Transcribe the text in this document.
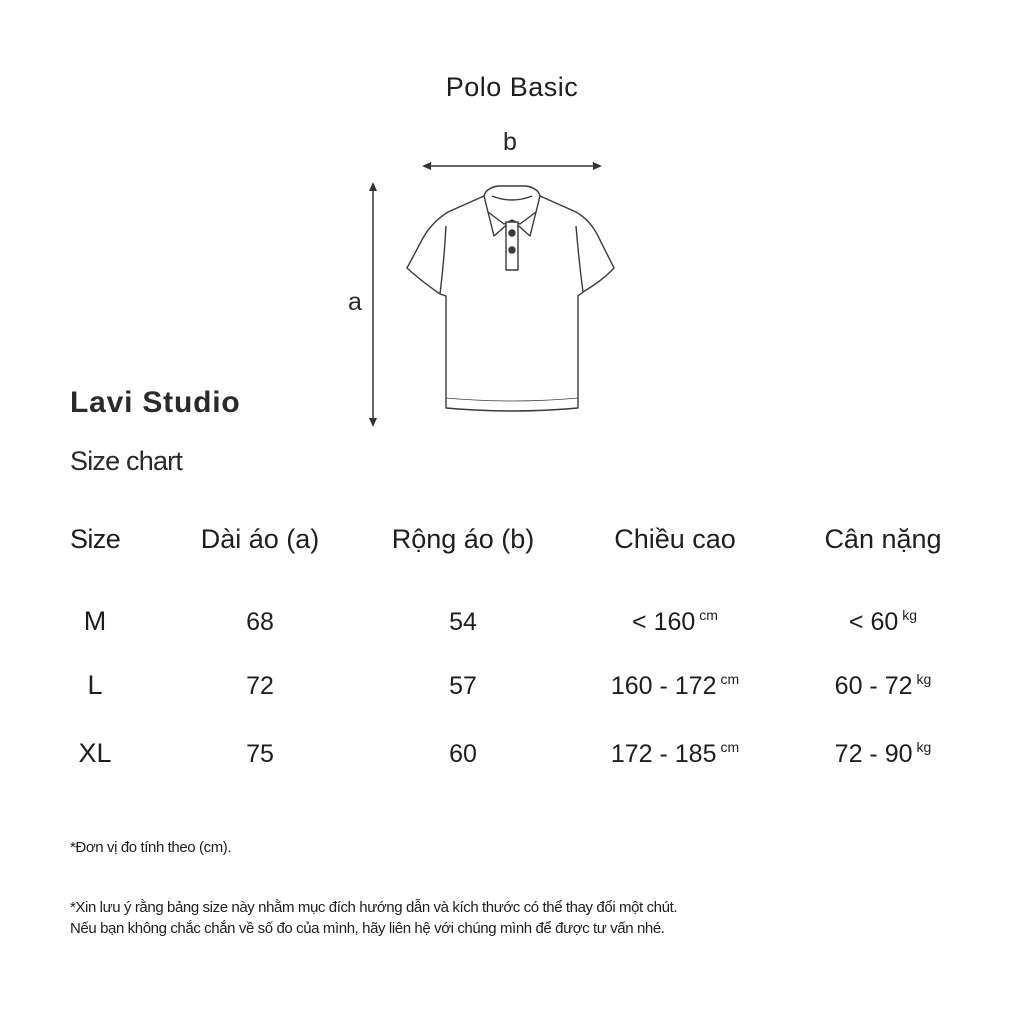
Polo Basic
b
a
Lavi Studio
Size chart
Size	Dài áo (a)	Rộng áo (b)	Chiều cao	Cân nặng
M	68	54	< 160 $^{cm}$	< 60 $^{kg}$
L	72	57	160 - 172 $^{cm}$	60 - 72 $^{kg}$
XL	75	60	172 - 185 $^{cm}$	72 - 90 $^{kg}$
*Đơn vị đo tính theo (cm).
*Xin lưu ý rằng bảng size này nhằm mục đích hướng dẫn và kích thước có thể thay đổi một chút.
Nếu bạn không chắc chắn về số đo của mình, hãy liên hệ với chúng mình để được tư vấn nhé.
